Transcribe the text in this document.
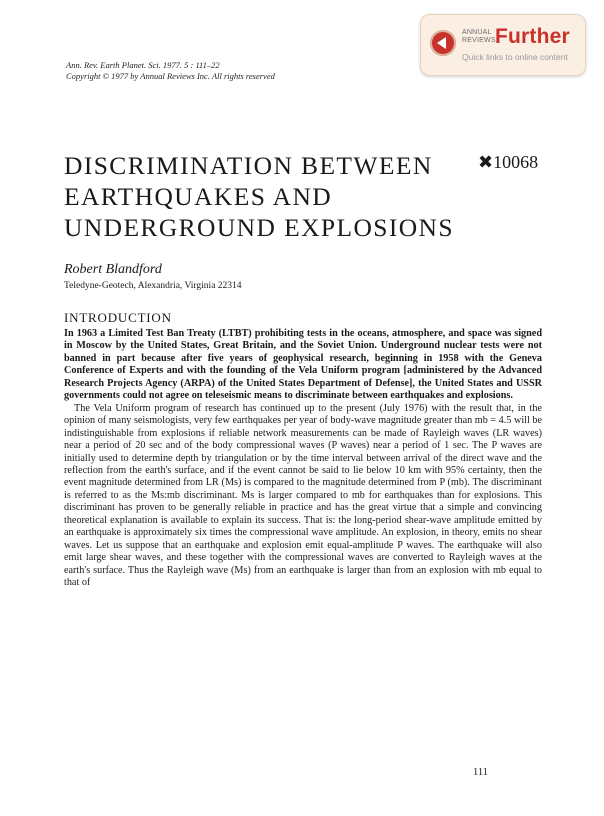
ANNUAL
REVIEWS Further
Quick links to online content
Ann. Rev. Earth Planet. Sci. 1977. 5 : 111–22
Copyright © 1977 by Annual Reviews Inc. All rights reserved
DISCRIMINATION BETWEEN EARTHQUAKES AND UNDERGROUND EXPLOSIONS
✖10068
Robert Blandford
Teledyne-Geotech, Alexandria, Virginia 22314
INTRODUCTION

In 1963 a Limited Test Ban Treaty (LTBT) prohibiting tests in the oceans, atmosphere, and space was signed in Moscow by the United States, Great Britain, and the Soviet Union. Underground nuclear tests were not banned in part because after five years of geophysical research, beginning in 1958 with the Geneva Conference of Experts and with the founding of the Vela Uniform program [administered by the Advanced Research Projects Agency (ARPA) of the United States Department of Defense], the United States and USSR governments could not agree on teleseismic means to discriminate between earthquakes and explosions.

The Vela Uniform program of research has continued up to the present (July 1976) with the result that, in the opinion of many seismologists, very few earthquakes per year of body-wave magnitude greater than mb = 4.5 will be indistinguishable from explosions if reliable network measurements can be made of Rayleigh waves (LR waves) near a period of 20 sec and of the body compressional waves (P waves) near a period of 1 sec. The P waves are initially used to determine depth by triangulation or by the time interval between arrival of the direct wave and the reflection from the earth's surface, and if the event cannot be said to lie below 10 km with 95% certainty, then the event magnitude determined from LR (Ms) is compared to the magnitude determined from P (mb). The discriminant is referred to as the Ms:mb discriminant. Ms is larger compared to mb for earthquakes than for explosions. This discriminant has proven to be generally reliable in practice and has the great virtue that a simple and convincing theoretical explanation is available to explain its success. That is: the long-period shear-wave amplitude emitted by an earthquake is approximately six times the compressional wave amplitude. An explosion, in theory, emits no shear waves. Let us suppose that an earthquake and explosion emit equal-amplitude P waves. The earthquake will also emit large shear waves, and these together with the compressional waves are converted to Rayleigh waves at the earth's surface. Thus the Rayleigh wave (Ms) from an earthquake is larger than from an explosion with mb equal to that of

111
